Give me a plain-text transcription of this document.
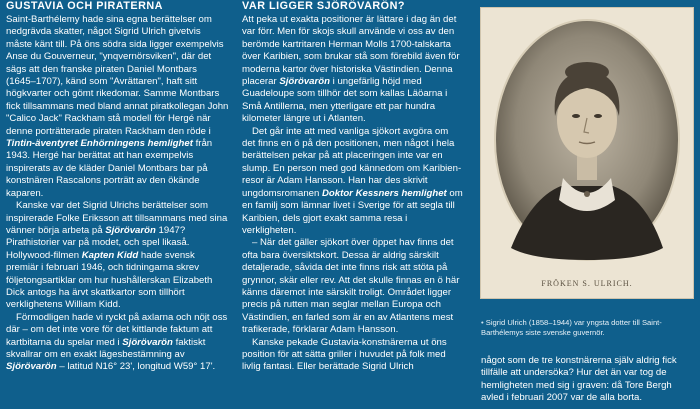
GUSTAVIA OCH PIRATERNA

Saint-Barthélemy hade sina egna berättelser om nedgrävda skatter, något Sigrid Ulrich givetvis måste känt till. På öns södra sida ligger exempelvis Anse du Gouverneur, "ynqvernörsviken", där det sägs att den franske piraten Daniel Montbars (1645–1707), känd som "Avrättaren", haft sitt högkvarter och gömt rikedomar. Samme Montbars fick tillsammans med bland annat piratkollegan John "Calico Jack" Rackham stå modell för Hergé när denne porträtterade piraten Rackham den röde i Tintin-äventyret Enhörningens hemlighet från 1943. Hergé har berättat att han exempelvis inspirerats av de kläder Daniel Montbars bar på konstnären Rascalons porträtt av den ökände kaparen.

Kanske var det Sigrid Ulrichs berättelser som inspirerade Folke Eriksson att tillsammans med sina vänner börja arbeta på Sjörövarön 1947? Pirathistorier var på modet, och spel likaså. Hollywood-filmen Kapten Kidd hade svensk premiär i februari 1946, och tidningarna skrev följetongsartiklar om hur hushållerskan Elizabeth Dick antogs ha ärvt skattkartor som tillhört verklighetens William Kidd.

Förmodligen hade vi ryckt på axlarna och nöjt oss där – om det inte vore för det kittlande faktum att kartbitarna du spelar med i Sjörövarön faktiskt skvallrar om en exakt lägesbestämning av Sjörövarön – latitud N16° 23', longitud W59° 17'.

VAR LIGGER SJÖRÖVARÖN?

Att peka ut exakta positioner är lättare i dag än det var förr. Men för skojs skull använde vi oss av den berömde kartritaren Herman Molls 1700-talskarta över Karibien, som brukar stå som förebild även för moderna kartor över historiska Västindien. Denna placerar Sjörövarön i ungefärlig höjd med Guadeloupe som tillhör det som kallas Läöarna i Små Antillerna, men ytterligare ett par hundra kilometer längre ut i Atlanten.

Det går inte att med vanliga sjökort avgöra om det finns en ö på den positionen, men något i hela berättelsen pekar på att placeringen inte var en slump. En person med god kännedom om Karibien-resor är Adam Hansson. Han har des skrivit ungdomsromanen Doktor Kessners hemlighet om en familj som lämnar livet i Sverige för att segla till Karibien, dels gjort exakt samma resa i verkligheten.

– När det gäller sjökort över öppet hav finns det ofta bara översiktskort. Dessa är aldrig särskilt detaljerade, såvida det inte finns risk att stöta på grynnor, skär eller rev. Att det skulle finnas en ö här känns däremot inte särskilt troligt. Området ligger precis på rutten man seglar mellan Europa och Västindien, en farled som är en av Atlantens mest trafikerade, förklarar Adam Hansson.

Kanske pekade Gustavia-konstnärerna ut öns position för att sätta griller i huvudet på folk med livlig fantasi. Eller berättade Sigrid Ulrich

FRÖKEN S. ULRICH.
• Sigrid Ulrich (1858–1944) var yngsta dotter till Saint-Barthélemys siste svenske guvernör.

något som de tre konstnärerna själv aldrig fick tillfälle att undersöka? Hur det än var tog de hemligheten med sig i graven: då Tore Bergh avled i februari 2007 var de alla borta.
